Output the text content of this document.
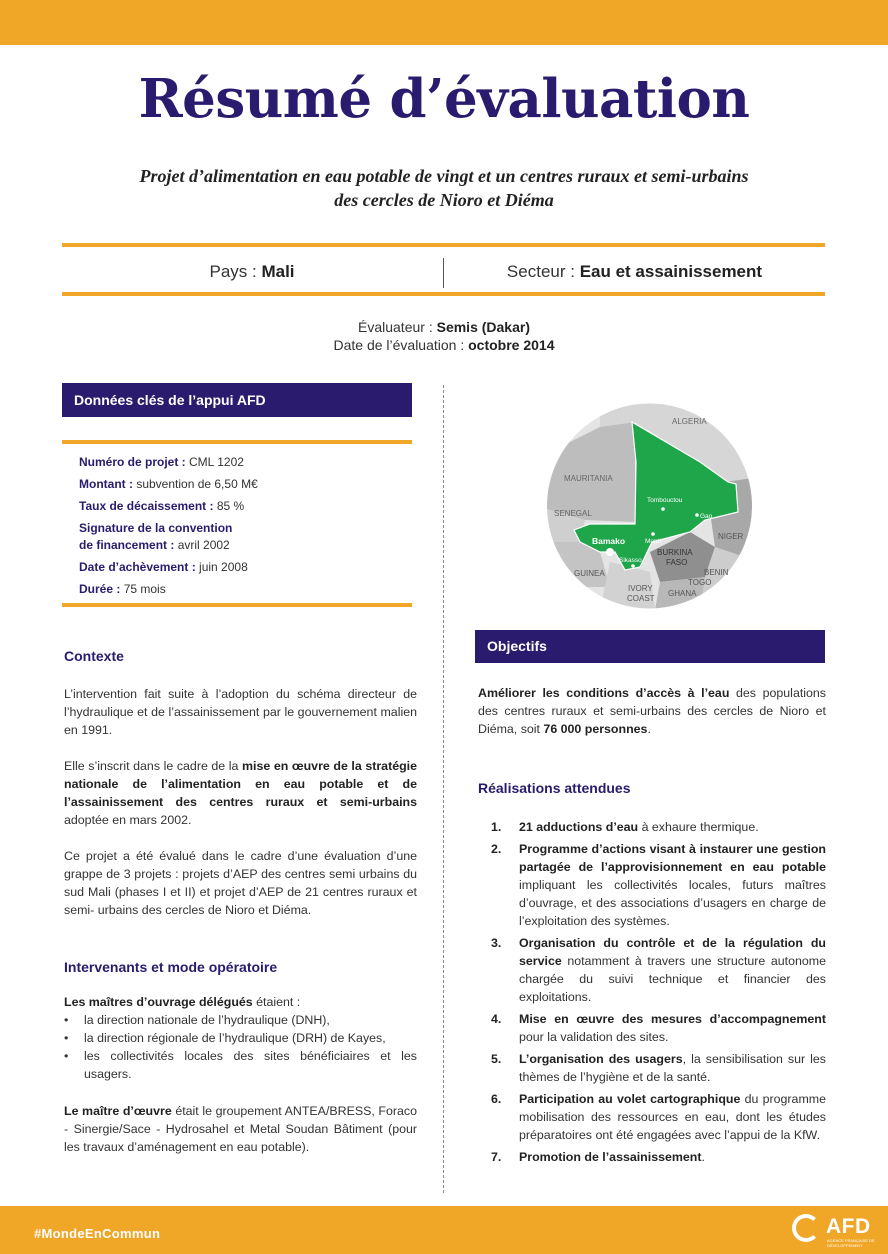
Résumé d’évaluation
Projet d’alimentation en eau potable de vingt et un centres ruraux et semi-urbains
des cercles de Nioro et Diéma
Pays : Mali	Secteur : Eau et assainissement
Évaluateur : Semis (Dakar)
Date de l’évaluation : octobre 2014
Données clés de l’appui AFD
Numéro de projet : CML 1202
Montant : subvention de 6,50 M€
Taux de décaissement : 85 %
Signature de la convention
de financement : avril 2002
Date d’achèvement : juin 2008
Durée : 75 mois
Contexte
L’intervention fait suite à l’adoption du schéma directeur de l’hydraulique et de l’assainissement par le gouvernement malien en 1991.
Elle s’inscrit dans le cadre de la mise en œuvre de la stratégie nationale de l’alimentation en eau potable et de l’assainissement des centres ruraux et semi-urbains adoptée en mars 2002.
Ce projet a été évalué dans le cadre d’une évaluation d’une grappe de 3 projets : projets d’AEP des centres semi urbains du sud Mali (phases I et II) et projet d’AEP de 21 centres ruraux et semi- urbains des cercles de Nioro et Diéma.
Intervenants et mode opératoire
Les maîtres d’ouvrage délégués étaient :
• la direction nationale de l’hydraulique (DNH),
• la direction régionale de l’hydraulique (DRH) de Kayes,
• les collectivités locales des sites bénéficiaires et les usagers.
Le maître d’œuvre était le groupement ANTEA/BRESS, Foraco - Sinergie/Sace - Hydrosahel et Metal Soudan Bâtiment (pour les travaux d’aménagement en eau potable).
ALGERIA
MAURITANIA
SENEGAL
GUINEA
IVORY
COAST
BURKINA
FASO
NIGER
BENIN
TOGO
GHANA
Bamako
Tombouctou
Gao
Mopti
Sikasso
Objectifs
Améliorer les conditions d’accès à l’eau des populations des centres ruraux et semi-urbains des cercles de Nioro et Diéma, soit 76 000 personnes.
Réalisations attendues
1. 21 adductions d’eau à exhaure thermique.
2. Programme d’actions visant à instaurer une gestion partagée de l’approvisionnement en eau potable impliquant les collectivités locales, futurs maîtres d’ouvrage, et des associations d’usagers en charge de l’exploitation des systèmes.
3. Organisation du contrôle et de la régulation du service notamment à travers une structure autonome chargée du suivi technique et financier des exploitations.
4. Mise en œuvre des mesures d’accompagnement pour la validation des sites.
5. L’organisation des usagers, la sensibilisation sur les thèmes de l’hygiène et de la santé.
6. Participation au volet cartographique du programme mobilisation des ressources en eau, dont les études préparatoires ont été engagées avec l’appui de la KfW.
7. Promotion de l’assainissement.
#MondeEnCommun	AFD
AGENCE FRANÇAISE DE DÉVELOPPEMENT
